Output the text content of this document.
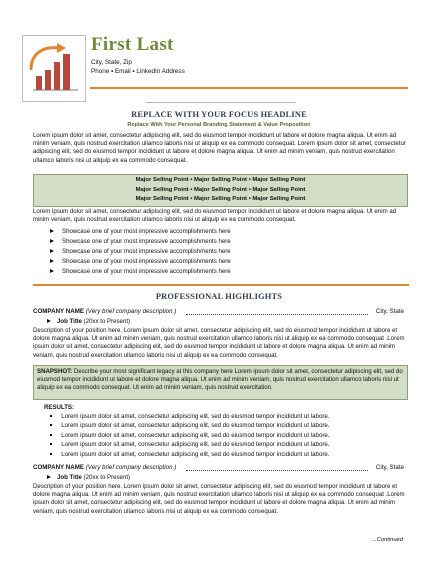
First Last
City, State, Zip
Phone ▪ Email ▪ LinkedIn Address
REPLACE WITH YOUR FOCUS HEADLINE
Replace With Your Personal Branding Statement & Value Proposition
Lorem ipsum dolor sit amet, consectetur adipiscing elit, sed do eiusmod tempor incididunt ut labore et dolore magna aliqua. Ut enim ad minim veniam, quis nostrud exercitation ullamco laboris nisi ut aliquip ex ea commodo consequat. Lorem ipsum dolor sit amet, consectetur adipiscing elit, sed do eiusmod tempor incididunt ut labore et dolore magna aliqua. Ut enim ad minim veniam, quis nostrud exercitation ullamco laboris nisi ut aliquip ex ea commodo consequat.
Major Selling Point ▪ Major Selling Point ▪ Major Selling Point
Major Selling Point ▪ Major Selling Point ▪ Major Selling Point
Major Selling Point ▪ Major Selling Point ▪ Major Selling Point
Lorem ipsum dolor sit amet, consectetur adipiscing elit, sed do eiusmod tempor incididunt ut labore et dolore magna aliqua. Ut enim ad minim veniam, quis nostrud exercitation ullamco laboris nisi ut aliquip ex ea commodo consequat.
Showcase one of your most impressive accomplishments here
Showcase one of your most impressive accomplishments here
Showcase one of your most impressive accomplishments here
Showcase one of your most impressive accomplishments here
Showcase one of your most impressive accomplishments here
PROFESSIONAL HIGHLIGHTS
COMPANY NAME (Very brief company description.)	City, State
Job Title (20xx to Present)
Description of your position here. Lorem ipsum dolor sit amet, consectetur adipiscing elit, sed do eiusmod tempor incididunt ut labore et dolore magna aliqua. Ut enim ad minim veniam, quis nostrud exercitation ullamco laboris nisi ut aliquip ex ea commodo consequat .Lorem ipsum dolor sit amet, consectetur adipiscing elit, sed do eiusmod tempor incididunt ut labore et dolore magna aliqua. Ut enim ad minim veniam, quis nostrud exercitation ullamco laboris nisi ut aliquip ex ea commodo consequat.
SNAPSHOT: Describe your most significant legacy at this company here Lorem ipsum dolor sit amet, consectetur adipiscing elit, sed do eiusmod tempor incididunt ut labore et dolore magna aliqua. Ut enim ad minim veniam, quis nostrud exercitation ullamco laboris nisi ut aliquip ex ea commodo consequat. Ut enim ad minim veniam, quis nostrud exercitation.
RESULTS:
Lorem ipsum dolor sit amet, consectetur adipiscing elit, sed do eiusmod tempor incididunt ut labore.
Lorem ipsum dolor sit amet, consectetur adipiscing elit, sed do eiusmod tempor incididunt ut labore.
Lorem ipsum dolor sit amet, consectetur adipiscing elit, sed do eiusmod tempor incididunt ut labore.
Lorem ipsum dolor sit amet, consectetur adipiscing elit, sed do eiusmod tempor incididunt ut labore.
Lorem ipsum dolor sit amet, consectetur adipiscing elit, sed do eiusmod tempor incididunt ut labore.
COMPANY NAME (Very brief company description.)	City, State
Job Title (20xx to Present)
Description of your position here. Lorem ipsum dolor sit amet, consectetur adipiscing elit, sed do eiusmod tempor incididunt ut labore et dolore magna aliqua. Ut enim ad minim veniam, quis nostrud exercitation ullamco laboris nisi ut aliquip ex ea commodo consequat .Lorem ipsum dolor sit amet, consectetur adipiscing elit, sed do eiusmod tempor incididunt ut labore et dolore magna aliqua. Ut enim ad minim veniam, quis nostrud exercitation ullamco laboris nisi ut aliquip ex ea commodo consequat.
...Continued
